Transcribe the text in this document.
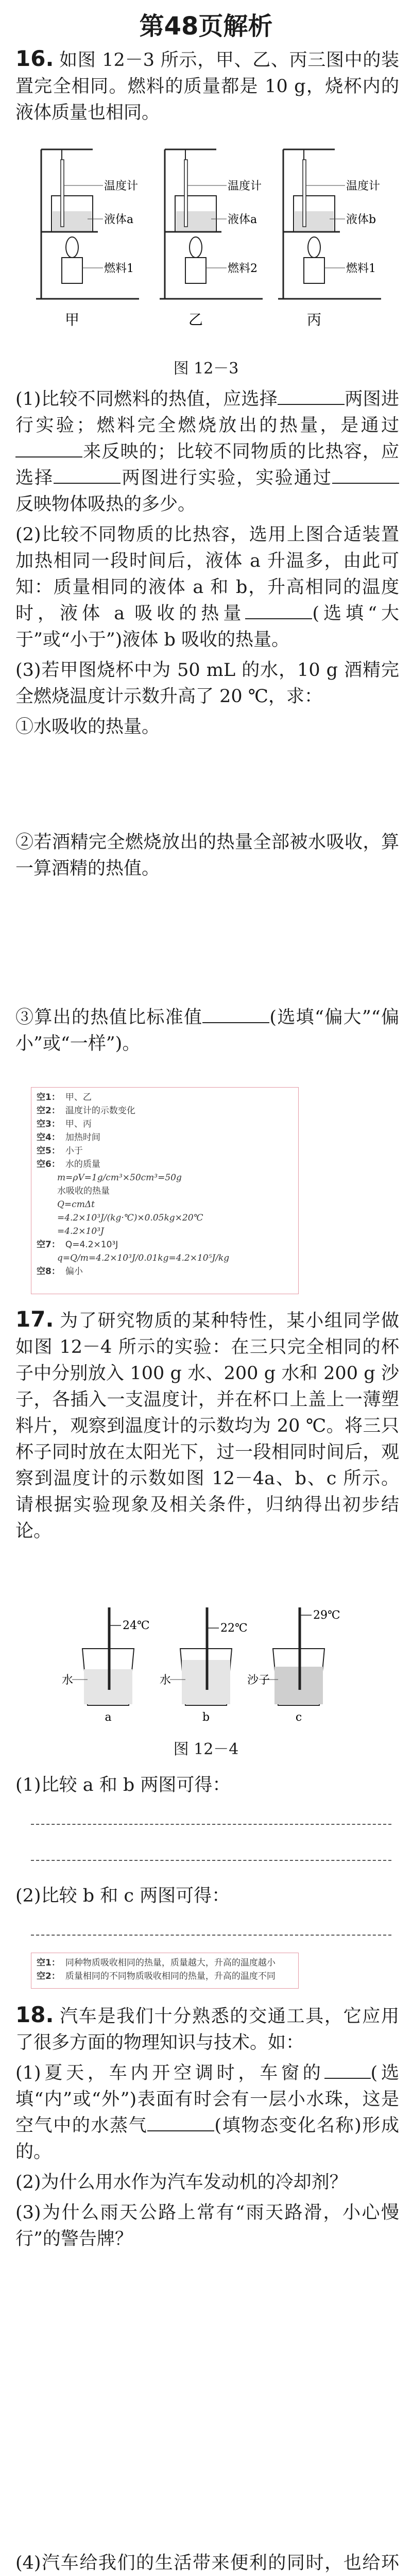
第48页解析

16. 如图 12－3 所示，甲、乙、丙三图中的装置完全相同。燃料的质量都是 10 g，烧杯内的液体质量也相同。

温度计
液体a
燃料1
甲
温度计
液体a
燃料2
乙
温度计
液体b
燃料1
丙
图 12－3

(1)比较不同燃料的热值，应选择	两图进行实验；燃料完全燃烧放出的热量，是通过来反映的；比较不同物质的比热容，应选择	两图进行实验，实验通过反映物体吸热的多少。

(2)比较不同物质的比热容，选用上图合适装置加热相同一段时间后，液体 a 升温多，由此可知：质量相同的液体 a 和 b，升高相同的温度时，液体 a 吸收的热量	(选填“大于”或“小于”)液体 b 吸收的热量。

(3)若甲图烧杯中为 50 mL 的水，10 g 酒精完全燃烧温度计示数升高了 20 ℃，求：

①水吸收的热量。

②若酒精完全燃烧放出的热量全部被水吸收，算一算酒精的热值。

③算出的热值比标准值	(选填“偏大”“偏小”或“一样”)。

空1： 甲、乙
空2： 温度计的示数变化
空3： 甲、丙
空4： 加热时间
空5： 小于
空6： 水的质量
m=ρV=1g/cm³×50cm³=50g
水吸收的热量
Q=cmΔt
=4.2×10³J/(kg·℃)×0.05kg×20℃
=4.2×10³J
空7： Q=4.2×10³J
q=Q/m=4.2×10³J/0.01kg=4.2×10⁵J/kg
空8： 偏小

17. 为了研究物质的某种特性，某小组同学做如图 12－4 所示的实验：在三只完全相同的杯子中分别放入 100 g 水、200 g 水和 200 g 沙子，各插入一支温度计，并在杯口上盖上一薄塑料片，观察到温度计的示数均为 20 ℃。将三只杯子同时放在太阳光下，过一段相同时间后，观察到温度计的示数如图 12－4a、b、c 所示。请根据实验现象及相关条件，归纳得出初步结论。

24℃
水
a
22℃
水
b
29℃
沙子
c
图 12－4

(1)比较 a 和 b 两图可得：

(2)比较 b 和 c 两图可得：

空1： 同种物质吸收相同的热量，质量越大，升高的温度越小
空2： 质量相同的不同物质吸收相同的热量，升高的温度不同

18. 汽车是我们十分熟悉的交通工具，它应用了很多方面的物理知识与技术。如：

(1)夏天，车内开空调时，车窗的	(选填“内”或“外”)表面有时会有一层小水珠，这是空气中的水蒸气	(填物态变化名称)形成的。

(2)为什么用水作为汽车发动机的冷却剂？

(3)为什么雨天公路上常有“雨天路滑，小心慢行”的警告牌？

(4)汽车给我们的生活带来便利的同时，也给环
